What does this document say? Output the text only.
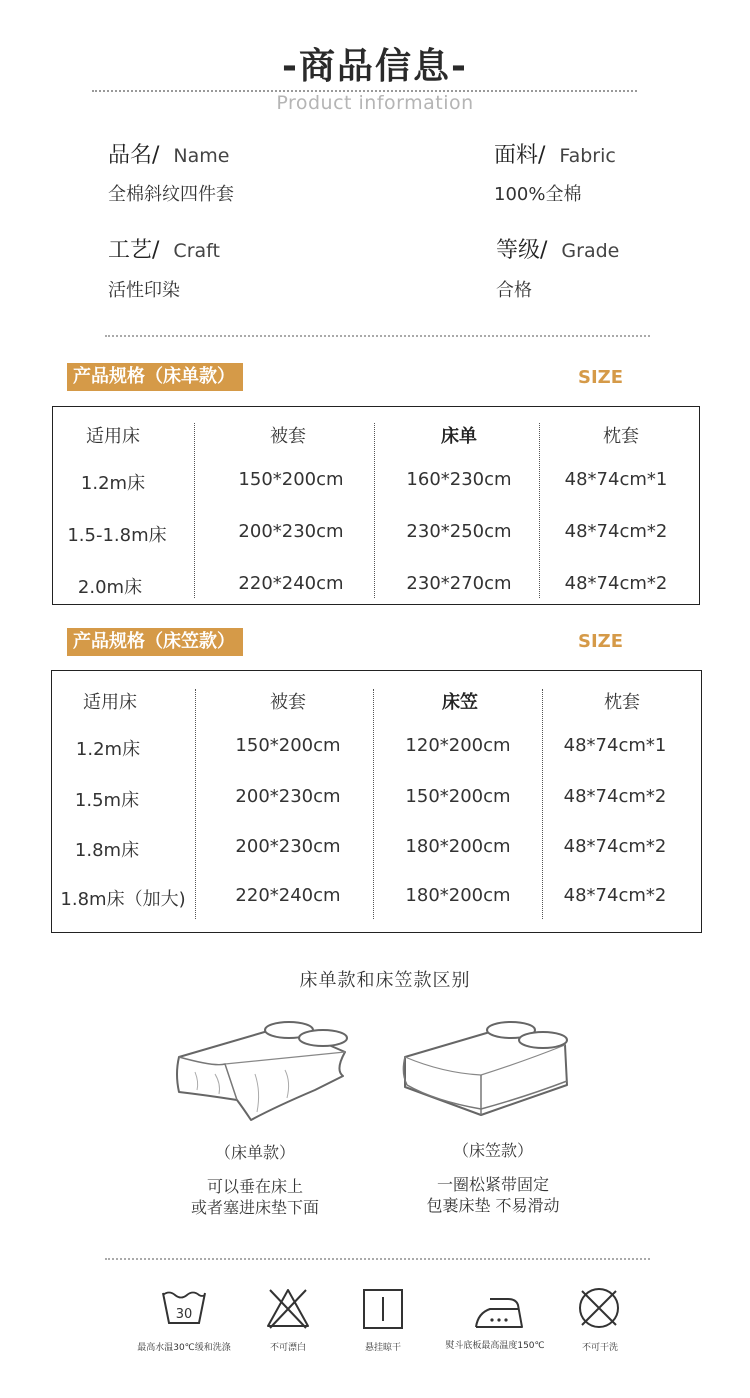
-商品信息-
Product information
品名/ Name
全棉斜纹四件套
面料/ Fabric
100%全棉
工艺/ Craft
活性印染
等级/ Grade
合格
产品规格（床单款）	SIZE
适用床	被套	床单	枕套
1.2m床	150*200cm	160*230cm	48*74cm*1
1.5-1.8m床	200*230cm	230*250cm	48*74cm*2
2.0m床	220*240cm	230*270cm	48*74cm*2
产品规格（床笠款）	SIZE
适用床	被套	床笠	枕套
1.2m床	150*200cm	120*200cm	48*74cm*1
1.5m床	200*230cm	150*200cm	48*74cm*2
1.8m床	200*230cm	180*200cm	48*74cm*2
1.8m床（加大)	220*240cm	180*200cm	48*74cm*2
床单款和床笠款区别
（床单款）
可以垂在床上
或者塞进床垫下面
（床笠款）
一圈松紧带固定
包裹床垫 不易滑动
30
最高水温30℃缓和洗涤	不可漂白	悬挂晾干	熨斗底板最高温度150℃	不可干洗
